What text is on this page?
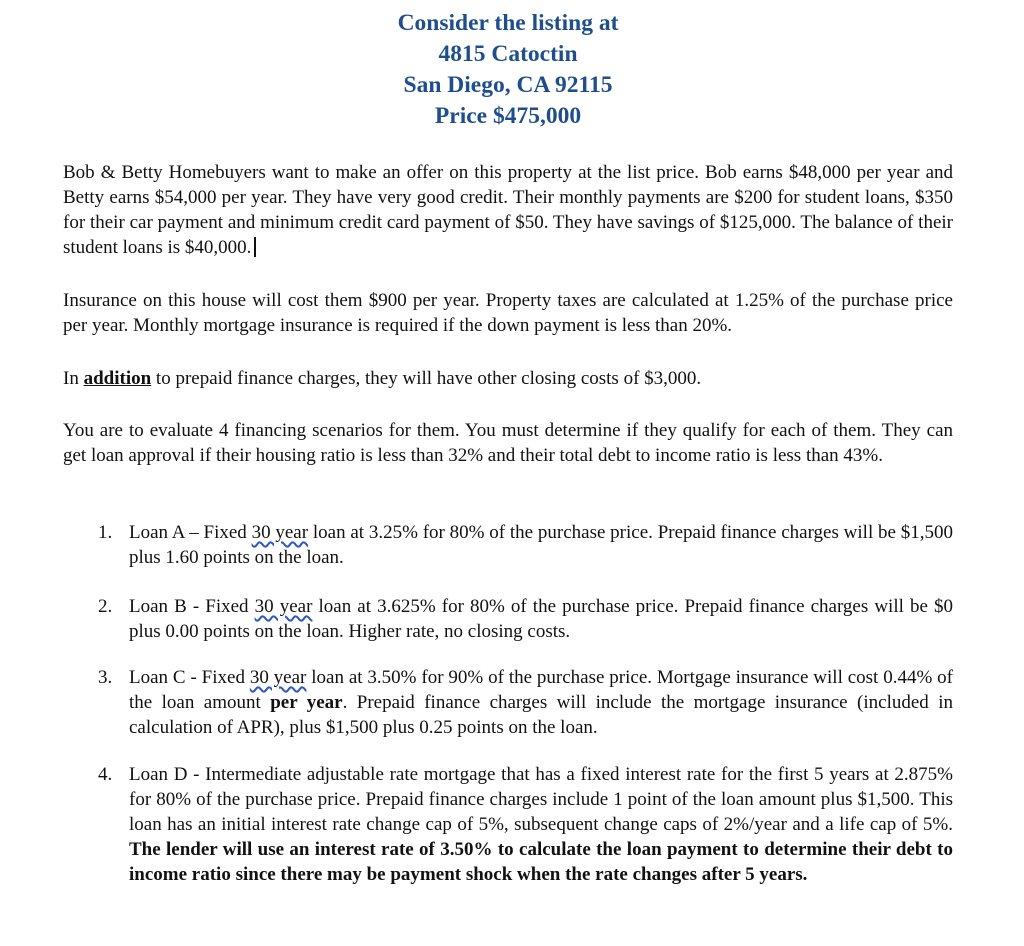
Consider the listing at
4815 Catoctin
San Diego, CA 92115
Price $475,000

Bob & Betty Homebuyers want to make an offer on this property at the list price. Bob earns $48,000 per year and Betty earns $54,000 per year. They have very good credit. Their monthly payments are $200 for student loans, $350 for their car payment and minimum credit card payment of $50. They have savings of $125,000. The balance of their student loans is $40,000.

Insurance on this house will cost them $900 per year. Property taxes are calculated at 1.25% of the purchase price per year. Monthly mortgage insurance is required if the down payment is less than 20%.

In addition to prepaid finance charges, they will have other closing costs of $3,000.

You are to evaluate 4 financing scenarios for them. You must determine if they qualify for each of them. They can get loan approval if their housing ratio is less than 32% and their total debt to income ratio is less than 43%.

1. Loan A – Fixed 30 year loan at 3.25% for 80% of the purchase price. Prepaid finance charges will be $1,500 plus 1.60 points on the loan.
2. Loan B - Fixed 30 year loan at 3.625% for 80% of the purchase price. Prepaid finance charges will be $0 plus 0.00 points on the loan. Higher rate, no closing costs.
3. Loan C - Fixed 30 year loan at 3.50% for 90% of the purchase price. Mortgage insurance will cost 0.44% of the loan amount per year. Prepaid finance charges will include the mortgage insurance (included in calculation of APR), plus $1,500 plus 0.25 points on the loan.
4. Loan D - Intermediate adjustable rate mortgage that has a fixed interest rate for the first 5 years at 2.875% for 80% of the purchase price. Prepaid finance charges include 1 point of the loan amount plus $1,500. This loan has an initial interest rate change cap of 5%, subsequent change caps of 2%/year and a life cap of 5%. The lender will use an interest rate of 3.50% to calculate the loan payment to determine their debt to income ratio since there may be payment shock when the rate changes after 5 years.
